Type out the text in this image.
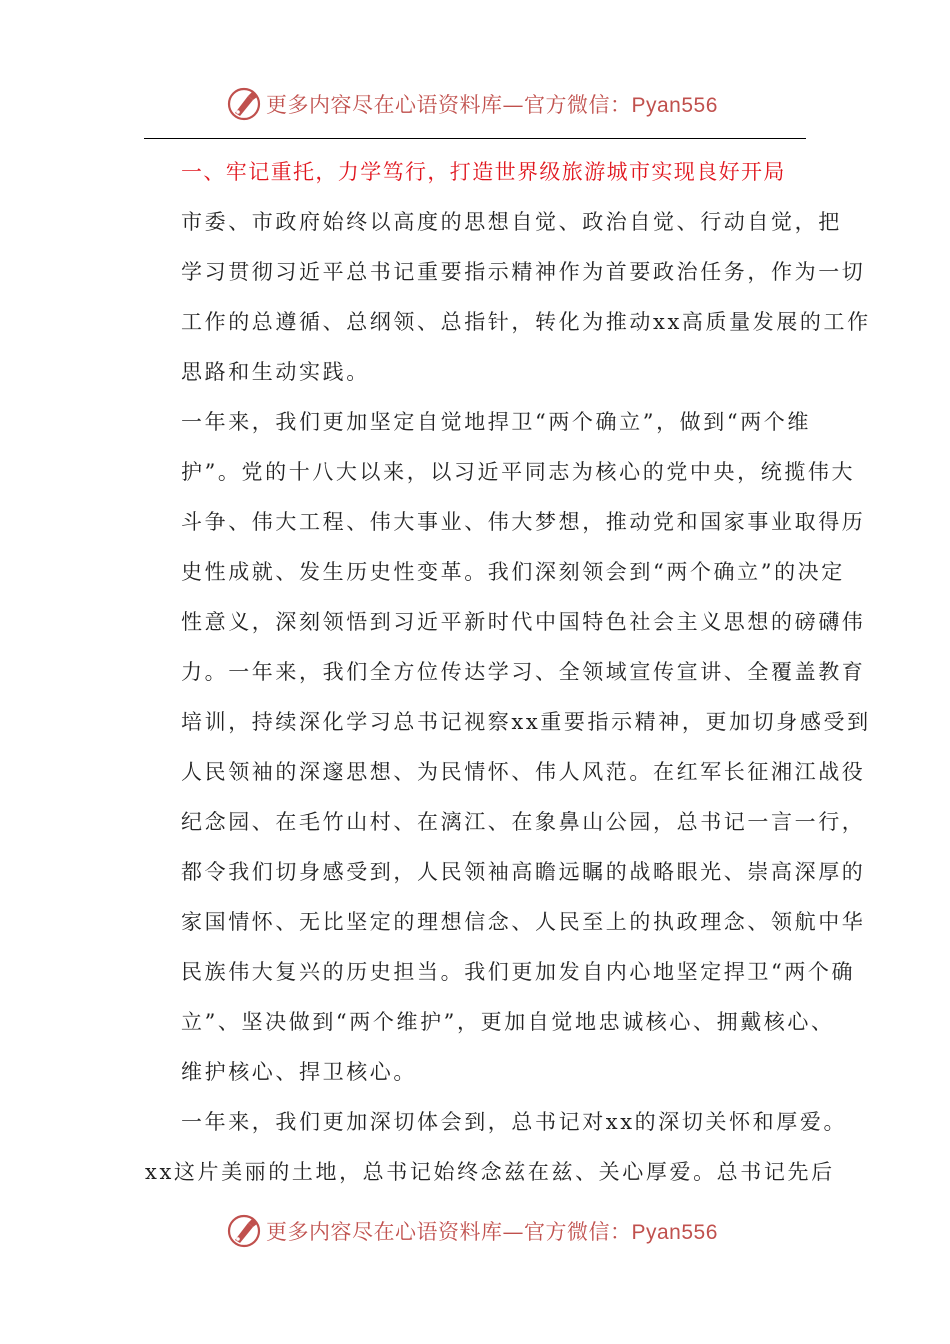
更多内容尽在心语资料库—官方微信：Pyan556

一、牢记重托，力学笃行，打造世界级旅游城市实现良好开局

市委、市政府始终以高度的思想自觉、政治自觉、行动自觉，把
学习贯彻习近平总书记重要指示精神作为首要政治任务，作为一切
工作的总遵循、总纲领、总指针，转化为推动xx高质量发展的工作
思路和生动实践。

一年来，我们更加坚定自觉地捍卫“两个确立”，做到“两个维
护”。党的十八大以来，以习近平同志为核心的党中央，统揽伟大
斗争、伟大工程、伟大事业、伟大梦想，推动党和国家事业取得历
史性成就、发生历史性变革。我们深刻领会到“两个确立”的决定
性意义，深刻领悟到习近平新时代中国特色社会主义思想的磅礴伟
力。一年来，我们全方位传达学习、全领域宣传宣讲、全覆盖教育
培训，持续深化学习总书记视察xx重要指示精神，更加切身感受到
人民领袖的深邃思想、为民情怀、伟人风范。在红军长征湘江战役
纪念园、在毛竹山村、在漓江、在象鼻山公园，总书记一言一行，
都令我们切身感受到，人民领袖高瞻远瞩的战略眼光、崇高深厚的
家国情怀、无比坚定的理想信念、人民至上的执政理念、领航中华
民族伟大复兴的历史担当。我们更加发自内心地坚定捍卫“两个确
立”、坚决做到“两个维护”，更加自觉地忠诚核心、拥戴核心、
维护核心、捍卫核心。

一年来，我们更加深切体会到，总书记对xx的深切关怀和厚爱。
xx这片美丽的土地，总书记始终念兹在兹、关心厚爱。总书记先后

更多内容尽在心语资料库—官方微信：Pyan556
